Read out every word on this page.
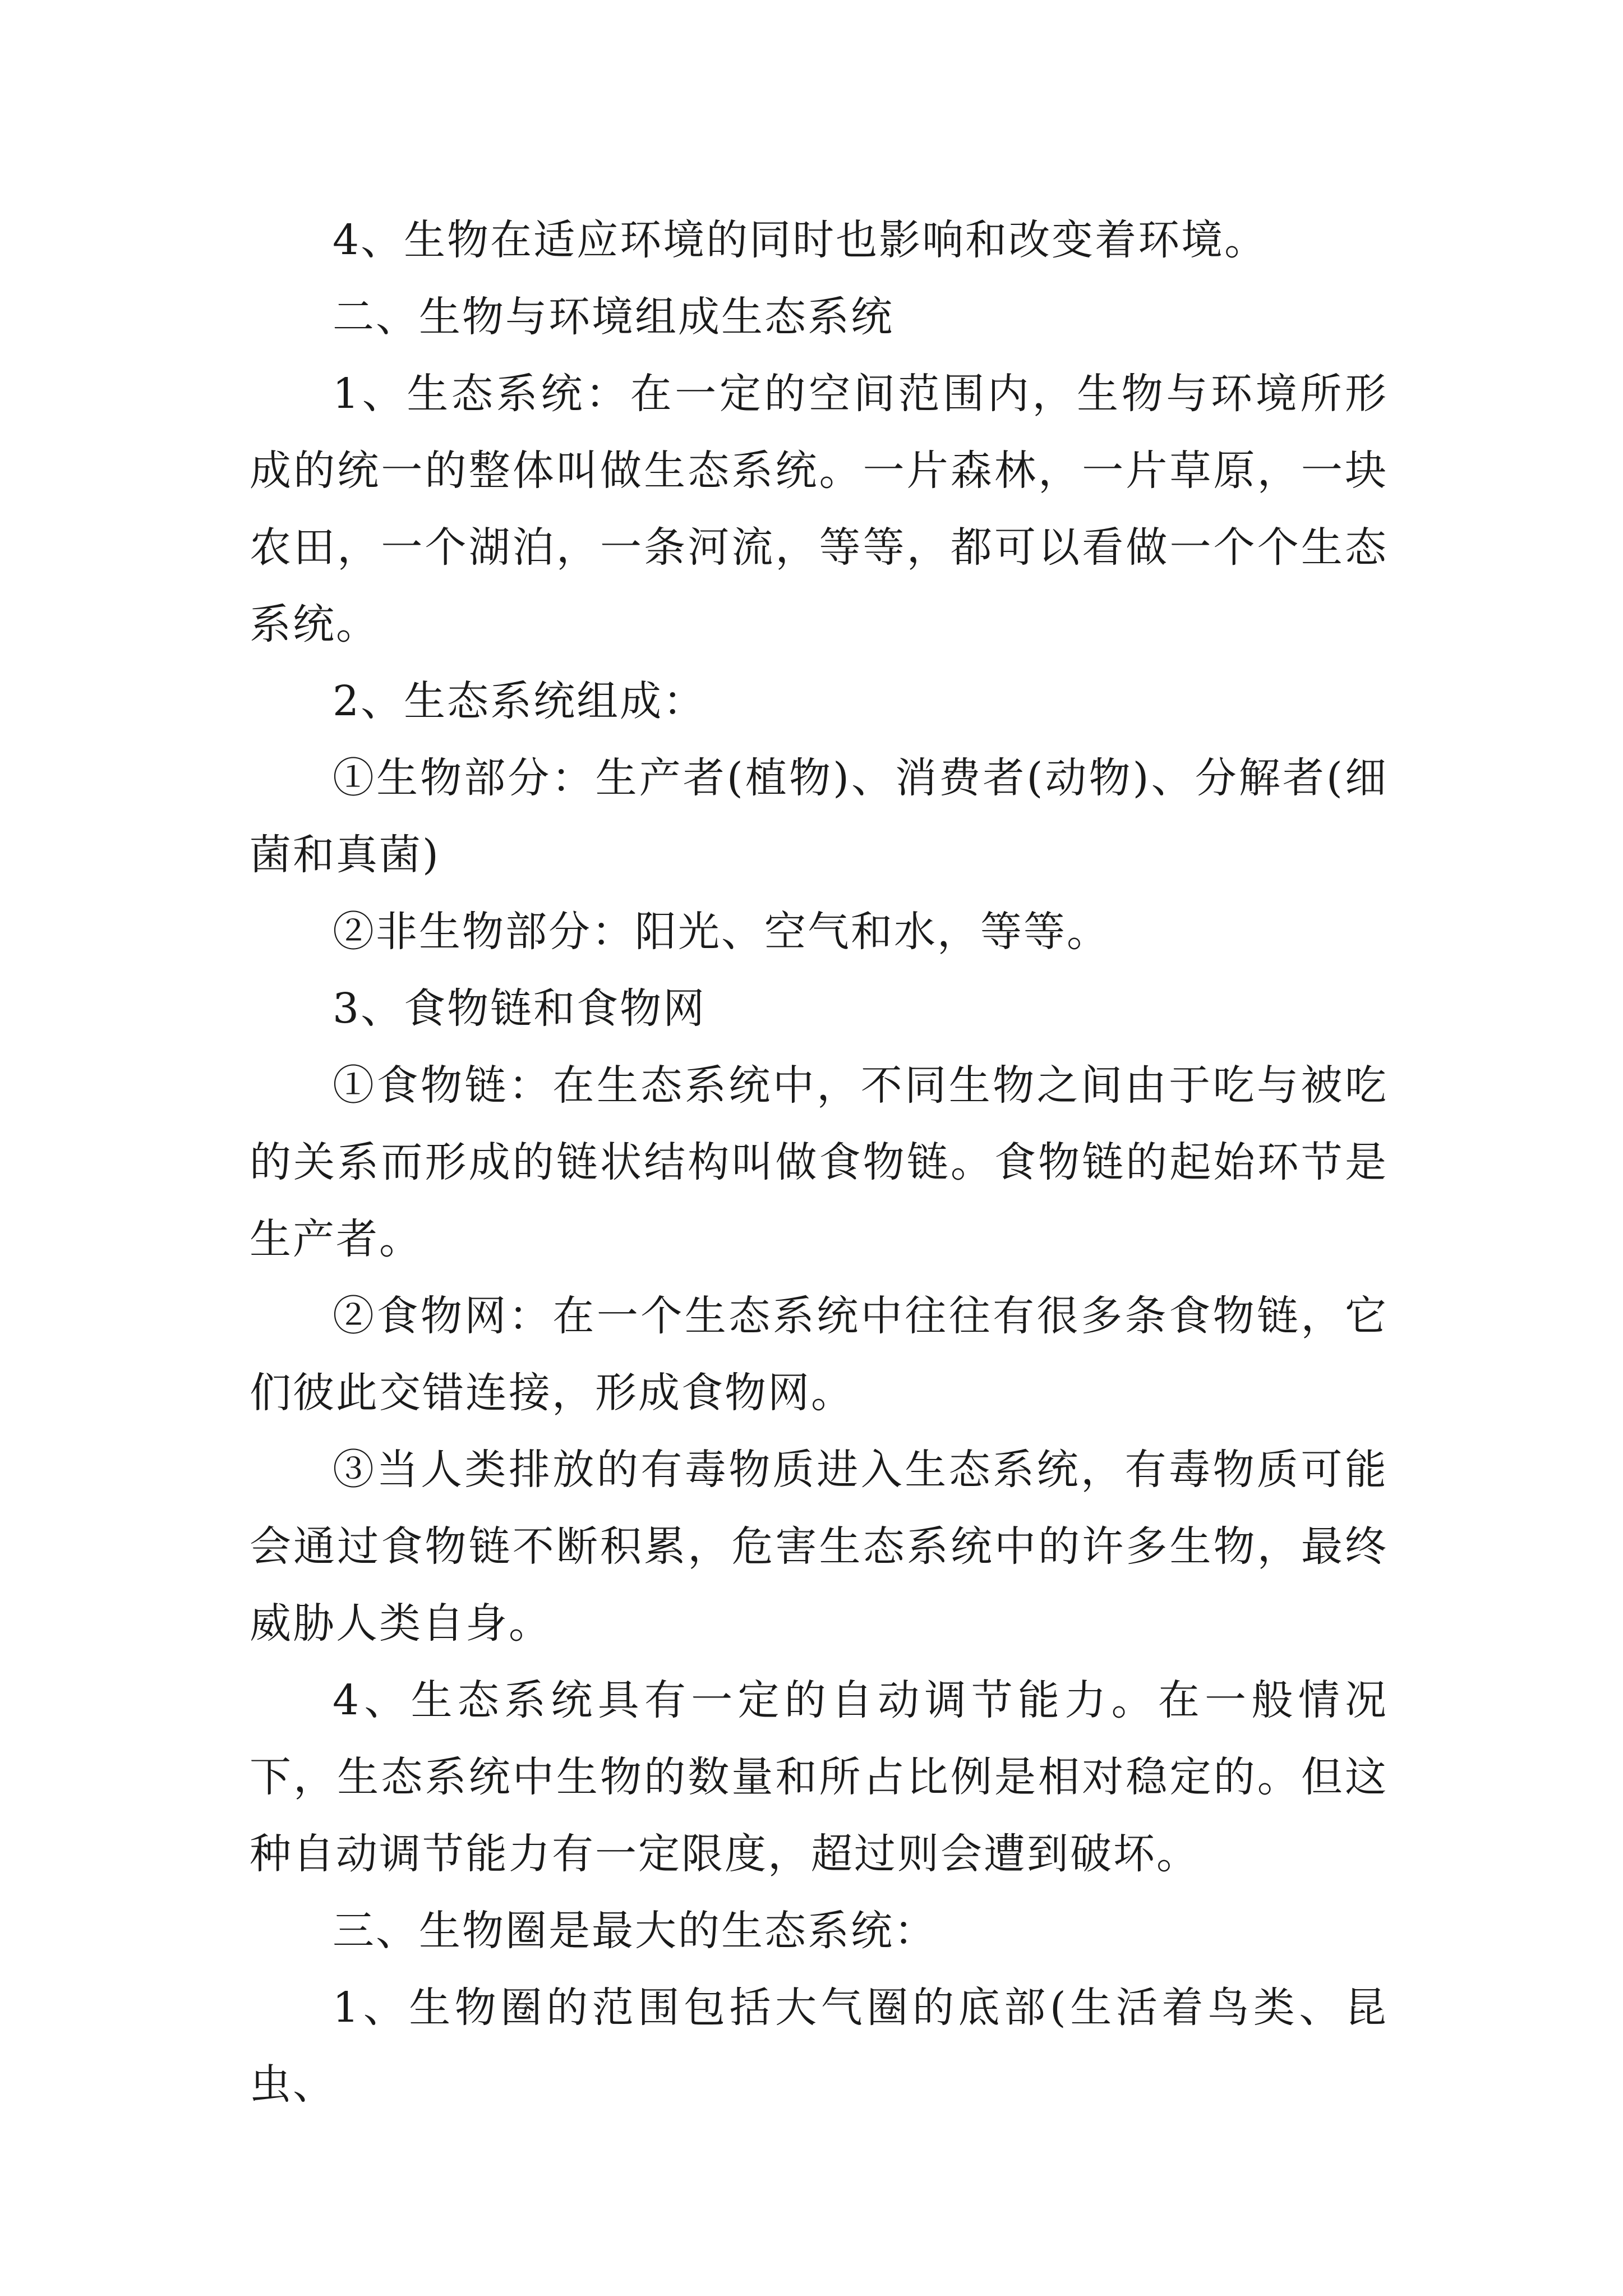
4、生物在适应环境的同时也影响和改变着环境。

二、生物与环境组成生态系统

1、生态系统：在一定的空间范围内，生物与环境所形成的统一的整体叫做生态系统。一片森林，一片草原，一块农田，一个湖泊，一条河流，等等，都可以看做一个个生态系统。

2、生态系统组成：

①生物部分：生产者(植物)、消费者(动物)、分解者(细菌和真菌)

②非生物部分：阳光、空气和水，等等。

3、食物链和食物网

①食物链：在生态系统中，不同生物之间由于吃与被吃的关系而形成的链状结构叫做食物链。食物链的起始环节是生产者。

②食物网：在一个生态系统中往往有很多条食物链，它们彼此交错连接，形成食物网。

③当人类排放的有毒物质进入生态系统，有毒物质可能会通过食物链不断积累，危害生态系统中的许多生物，最终威胁人类自身。

4、生态系统具有一定的自动调节能力。在一般情况下，生态系统中生物的数量和所占比例是相对稳定的。但这种自动调节能力有一定限度，超过则会遭到破坏。

三、生物圈是最大的生态系统：

1、生物圈的范围包括大气圈的底部(生活着鸟类、昆虫、
